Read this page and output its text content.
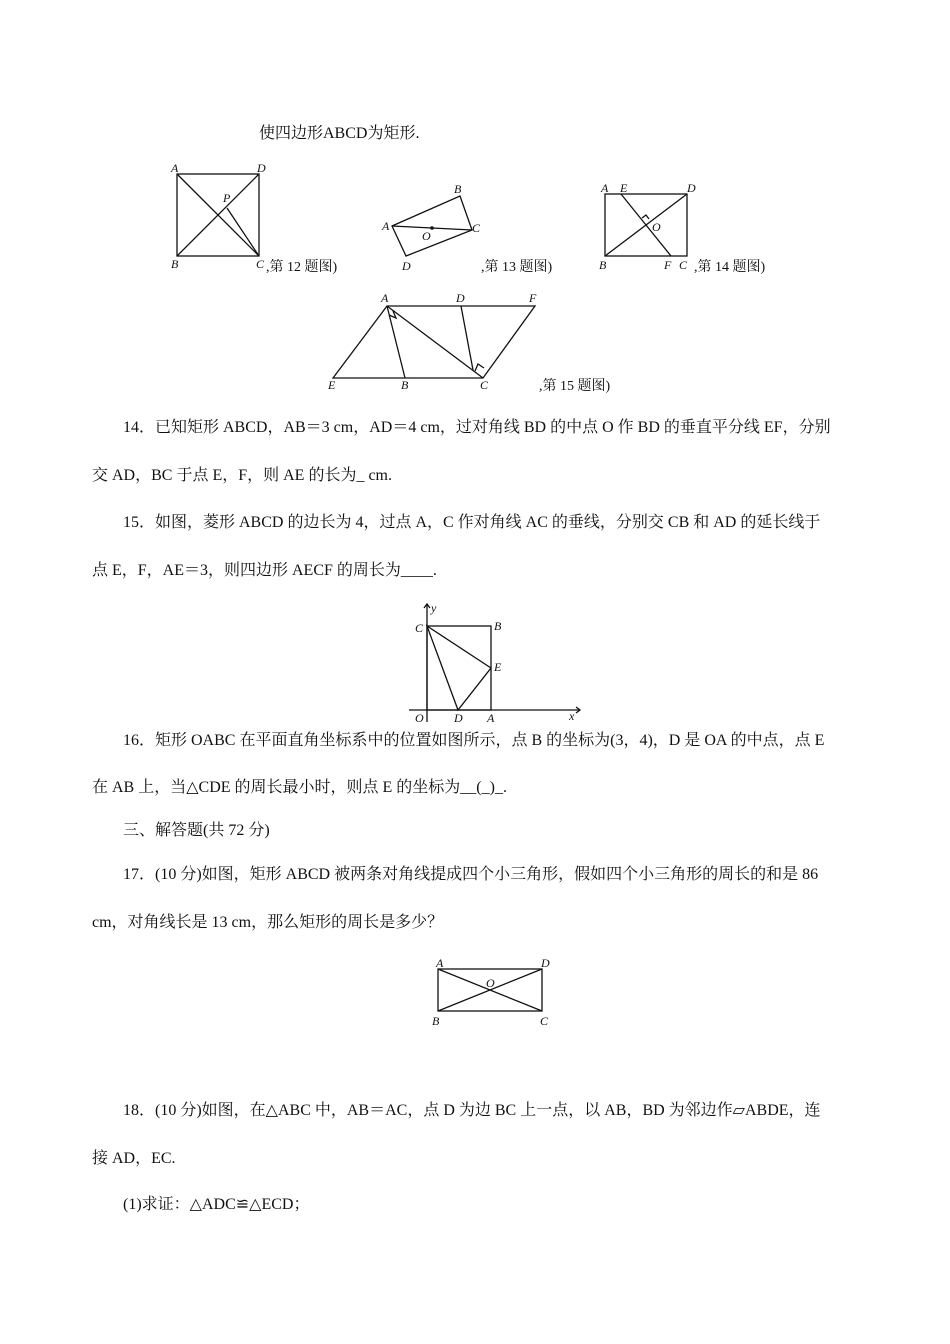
使四边形ABCD为矩形.
A	D
P
B	C ,第 12 题图)
A
B
C
D
O
,第 13 题图)
A E	D
O
B	F C ,第 14 题图)
A	D	F
E	B	C	,第 15 题图)
14．已知矩形 ABCD，AB＝3 cm，AD＝4 cm，过对角线 BD 的中点 O 作 BD 的垂直平分线 EF，分别
交 AD，BC 于点 E，F，则 AE 的长为_ cm.
15．如图，菱形 ABCD 的边长为 4，过点 A，C 作对角线 AC 的垂线，分别交 CB 和 AD 的延长线于
点 E，F，AE＝3，则四边形 AECF 的周长为____.
y
C	B
E
O	D A	x
16．矩形 OABC 在平面直角坐标系中的位置如图所示，点 B 的坐标为(3，4)，D 是 OA 的中点，点 E
在 AB 上，当△CDE 的周长最小时，则点 E 的坐标为__(_)_.
三、解答题(共 72 分)
17．(10 分)如图，矩形 ABCD 被两条对角线提成四个小三角形，假如四个小三角形的周长的和是 86
cm，对角线长是 13 cm，那么矩形的周长是多少？
A	D
O
B	C
18．(10 分)如图，在△ABC 中，AB＝AC，点 D 为边 BC 上一点，以 AB，BD 为邻边作▱ABDE，连
接 AD，EC.
(1)求证：△ADC≌△ECD；
